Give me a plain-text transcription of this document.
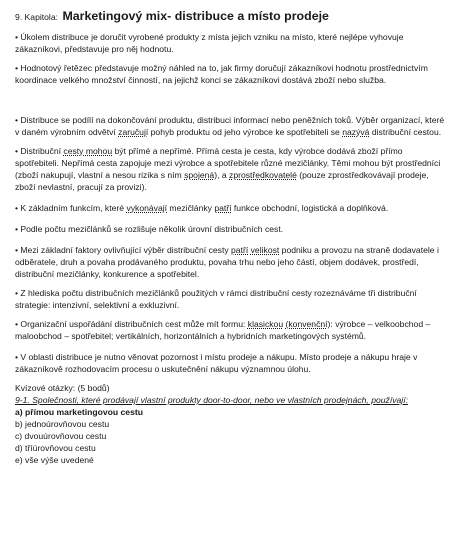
9. Kapitola: Marketingový mix- distribuce a místo prodeje

• Úkolem distribuce je doručit vyrobené produkty z místa jejich vzniku na místo, které nejlépe vyhovuje zákazníkovi, představuje pro něj hodnotu.

• Hodnotový řetězec představuje možný náhled na to, jak firmy doručují zákazníkovi hodnotu prostřednictvím koordinace velkého množství činností, na jejichž konci se zákazníkovi dostává zboží nebo služba.

• Distribuce se podílí na dokončování produktu, distribuci informací nebo peněžních toků. Výběr organizací, které v daném výrobním odvětví zaručují pohyb produktu od jeho výrobce ke spotřebiteli se nazývá distribuční cestou.

• Distribuční cesty mohou být přímé a nepřímé. Přímá cesta je cesta, kdy výrobce dodává zboží přímo spotřebiteli. Nepřímá cesta zapojuje mezi výrobce a spotřebitele různé mezičlánky. Těmi mohou být prostředníci (zboží nakupují, vlastní a nesou rizika s ním spojená), a zprostředkovatelé (pouze zprostředkovávají prodeje, zboží nevlastní, pracují za provizi).

• K základním funkcím, které vykonávají mezičlánky patří funkce obchodní, logistická a doplňková.

• Podle počtu mezičlánků se rozlišuje několik úrovní distribučních cest.

• Mezi základní faktory ovlivňující výběr distribuční cesty patří velikost podniku a provozu na straně dodavatele i odběratele, druh a povaha prodávaného produktu, povaha trhu nebo jeho částí, objem dodávek, prostředí, distribuční mezičlánky, konkurence a spotřebitel.

• Z hlediska počtu distribučních mezičlánků použitých v rámci distribuční cesty rozeznáváme tři distribuční strategie: intenzivní, selektivní a exkluzivní.

• Organizační uspořádání distribučních cest může mít formu: klasickou (konvenční): výrobce – velkoobchod – maloobchod – spotřebitel; vertikálních, horizontálních a hybridních marketingových systémů.

• V oblasti distribuce je nutno věnovat pozornost i místu prodeje a nákupu. Místo prodeje a nákupu hraje v zákazníkově rozhodovacím procesu o uskutečnění nákupu významnou úlohu.

Kvízové otázky: (5 bodů)
9-1. Společnosti, které prodávají vlastní produkty door-to-door, nebo ve vlastních prodejnách, používají:
a) přímou marketingovou cestu
b) jednoúrovňovou cestu
c) dvouúrovňovou cestu
d) tříúrovňovou cestu
e) vše výše uvedené
